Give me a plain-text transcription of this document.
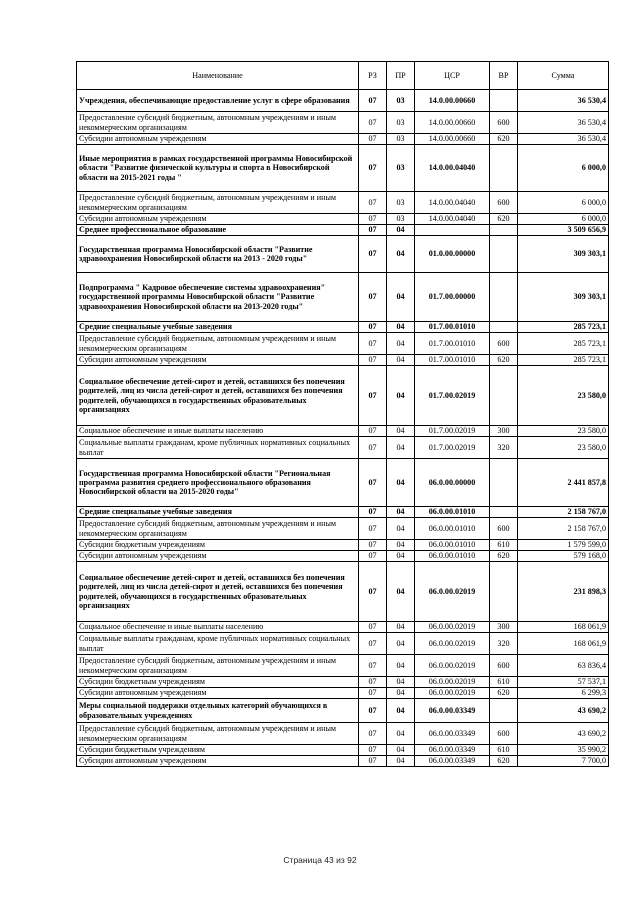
Наименование	РЗ	ПР	ЦСР	ВР	Сумма
Учреждения, обеспечивающие предоставление услуг в сфере образования	07	03	14.0.00.00660		36 530,4
Предоставление субсидий бюджетным, автономным учреждениям и иным некоммерческим организациям	07	03	14.0.00.00660	600	36 530,4
Субсидии автономным учреждениям	07	03	14.0.00.00660	620	36 530,4
Иные мероприятия в рамках государственной программы Новосибирской области "Развитие физической культуры и спорта в Новосибирской области на 2015-2021 годы "	07	03	14.0.00.04040		6 000,0
Предоставление субсидий бюджетным, автономным учреждениям и иным некоммерческим организациям	07	03	14.0.00.04040	600	6 000,0
Субсидии автономным учреждениям	07	03	14.0.00.04040	620	6 000,0
Среднее профессиональное образование	07	04			3 509 656,9
Государственная программа Новосибирской области "Развитие здравоохранения Новосибирской области на 2013 - 2020 годы"	07	04	01.0.00.00000		309 303,1
Подпрограмма " Кадровое обеспечение системы здравоохранения" государственной программы Новосибирской области "Развитие здравоохранения Новосибирской области на 2013-2020 годы"	07	04	01.7.00.00000		309 303,1
Средние специальные учебные заведения	07	04	01.7.00.01010		285 723,1
Предоставление субсидий бюджетным, автономным учреждениям и иным некоммерческим организациям	07	04	01.7.00.01010	600	285 723,1
Субсидии автономным учреждениям	07	04	01.7.00.01010	620	285 723,1
Социальное обеспечение детей-сирот и детей, оставшихся без попечения родителей, лиц из числа детей-сирот и детей, оставшихся без попечения родителей, обучающихся в государственных образовательных организациях	07	04	01.7.00.02019		23 580,0
Социальное обеспечение и иные выплаты населению	07	04	01.7.00.02019	300	23 580,0
Социальные выплаты гражданам, кроме публичных нормативных социальных выплат	07	04	01.7.00.02019	320	23 580,0
Государственная программа Новосибирской области "Региональная программа развития среднего профессионального образования Новосибирской области на 2015-2020 годы"	07	04	06.0.00.00000		2 441 857,8
Средние специальные учебные заведения	07	04	06.0.00.01010		2 158 767,0
Предоставление субсидий бюджетным, автономным учреждениям и иным некоммерческим организациям	07	04	06.0.00.01010	600	2 158 767,0
Субсидии бюджетным учреждениям	07	04	06.0.00.01010	610	1 579 599,0
Субсидии автономным учреждениям	07	04	06.0.00.01010	620	579 168,0
Социальное обеспечение детей-сирот и детей, оставшихся без попечения родителей, лиц из числа детей-сирот и детей, оставшихся без попечения родителей, обучающихся в государственных образовательных организациях	07	04	06.0.00.02019		231 898,3
Социальное обеспечение и иные выплаты населению	07	04	06.0.00.02019	300	168 061,9
Социальные выплаты гражданам, кроме публичных нормативных социальных выплат	07	04	06.0.00.02019	320	168 061,9
Предоставление субсидий бюджетным, автономным учреждениям и иным некоммерческим организациям	07	04	06.0.00.02019	600	63 836,4
Субсидии бюджетным учреждениям	07	04	06.0.00.02019	610	57 537,1
Субсидии автономным учреждениям	07	04	06.0.00.02019	620	6 299,3
Меры социальной поддержки отдельных категорий обучающихся в образовательных учреждениях	07	04	06.0.00.03349		43 690,2
Предоставление субсидий бюджетным, автономным учреждениям и иным некоммерческим организациям	07	04	06.0.00.03349	600	43 690,2
Субсидии бюджетным учреждениям	07	04	06.0.00.03349	610	35 990,2
Субсидии автономным учреждениям	07	04	06.0.00.03349	620	7 700,0
Страница 43 из 92
